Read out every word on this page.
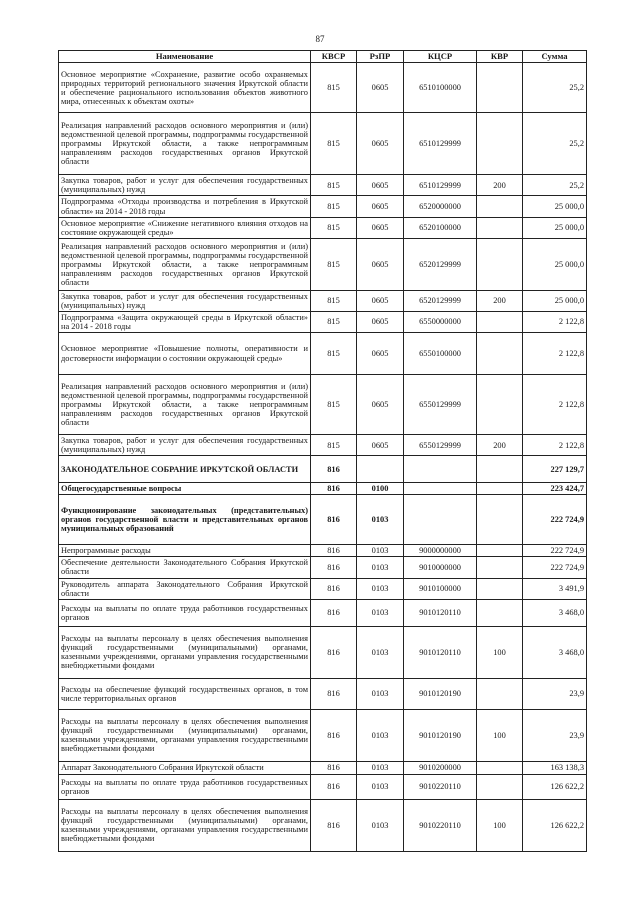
87
Наименование	КВСР	РзПР	КЦСР	КВР	Сумма
Основное мероприятие «Сохранение, развитие особо охраняемых природных территорий регионального значения Иркутской области и обеспечение рационального использования объектов животного мира, отнесенных к объектам охоты»	815	0605	6510100000		25,2
Реализация направлений расходов основного мероприятия и (или) ведомственной целевой программы, подпрограммы государственной программы Иркутской области, а также непрограммным направлениям расходов государственных органов Иркутской области	815	0605	6510129999		25,2
Закупка товаров, работ и услуг для обеспечения государственных (муниципальных) нужд	815	0605	6510129999	200	25,2
Подпрограмма «Отходы производства и потребления в Иркутской области» на 2014 - 2018 годы	815	0605	6520000000		25 000,0
Основное мероприятие «Снижение негативного влияния отходов на состояние окружающей среды»	815	0605	6520100000		25 000,0
Реализация направлений расходов основного мероприятия и (или) ведомственной целевой программы, подпрограммы государственной программы Иркутской области, а также непрограммным направлениям расходов государственных органов Иркутской области	815	0605	6520129999		25 000,0
Закупка товаров, работ и услуг для обеспечения государственных (муниципальных) нужд	815	0605	6520129999	200	25 000,0
Подпрограмма «Защита окружающей среды в Иркутской области» на 2014 - 2018 годы	815	0605	6550000000		2 122,8
Основное мероприятие «Повышение полноты, оперативности и достоверности информации о состоянии окружающей среды»	815	0605	6550100000		2 122,8
Реализация направлений расходов основного мероприятия и (или) ведомственной целевой программы, подпрограммы государственной программы Иркутской области, а также непрограммным направлениям расходов государственных органов Иркутской области	815	0605	6550129999		2 122,8
Закупка товаров, работ и услуг для обеспечения государственных (муниципальных) нужд	815	0605	6550129999	200	2 122,8
ЗАКОНОДАТЕЛЬНОЕ СОБРАНИЕ ИРКУТСКОЙ ОБЛАСТИ	816				227 129,7
Общегосударственные вопросы	816	0100			223 424,7
Функционирование законодательных (представительных) органов государственной власти и представительных органов муниципальных образований	816	0103			222 724,9
Непрограммные расходы	816	0103	9000000000		222 724,9
Обеспечение деятельности Законодательного Собрания Иркутской области	816	0103	9010000000		222 724,9
Руководитель аппарата Законодательного Собрания Иркутской области	816	0103	9010100000		3 491,9
Расходы на выплаты по оплате труда работников государственных органов	816	0103	9010120110		3 468,0
Расходы на выплаты персоналу в целях обеспечения выполнения функций государственными (муниципальными) органами, казенными учреждениями, органами управления государственными внебюджетными фондами	816	0103	9010120110	100	3 468,0
Расходы на обеспечение функций государственных органов, в том числе территориальных органов	816	0103	9010120190		23,9
Расходы на выплаты персоналу в целях обеспечения выполнения функций государственными (муниципальными) органами, казенными учреждениями, органами управления государственными внебюджетными фондами	816	0103	9010120190	100	23,9
Аппарат Законодательного Собрания Иркутской области	816	0103	9010200000		163 138,3
Расходы на выплаты по оплате труда работников государственных органов	816	0103	9010220110		126 622,2
Расходы на выплаты персоналу в целях обеспечения выполнения функций государственными (муниципальными) органами, казенными учреждениями, органами управления государственными внебюджетными фондами	816	0103	9010220110	100	126 622,2
